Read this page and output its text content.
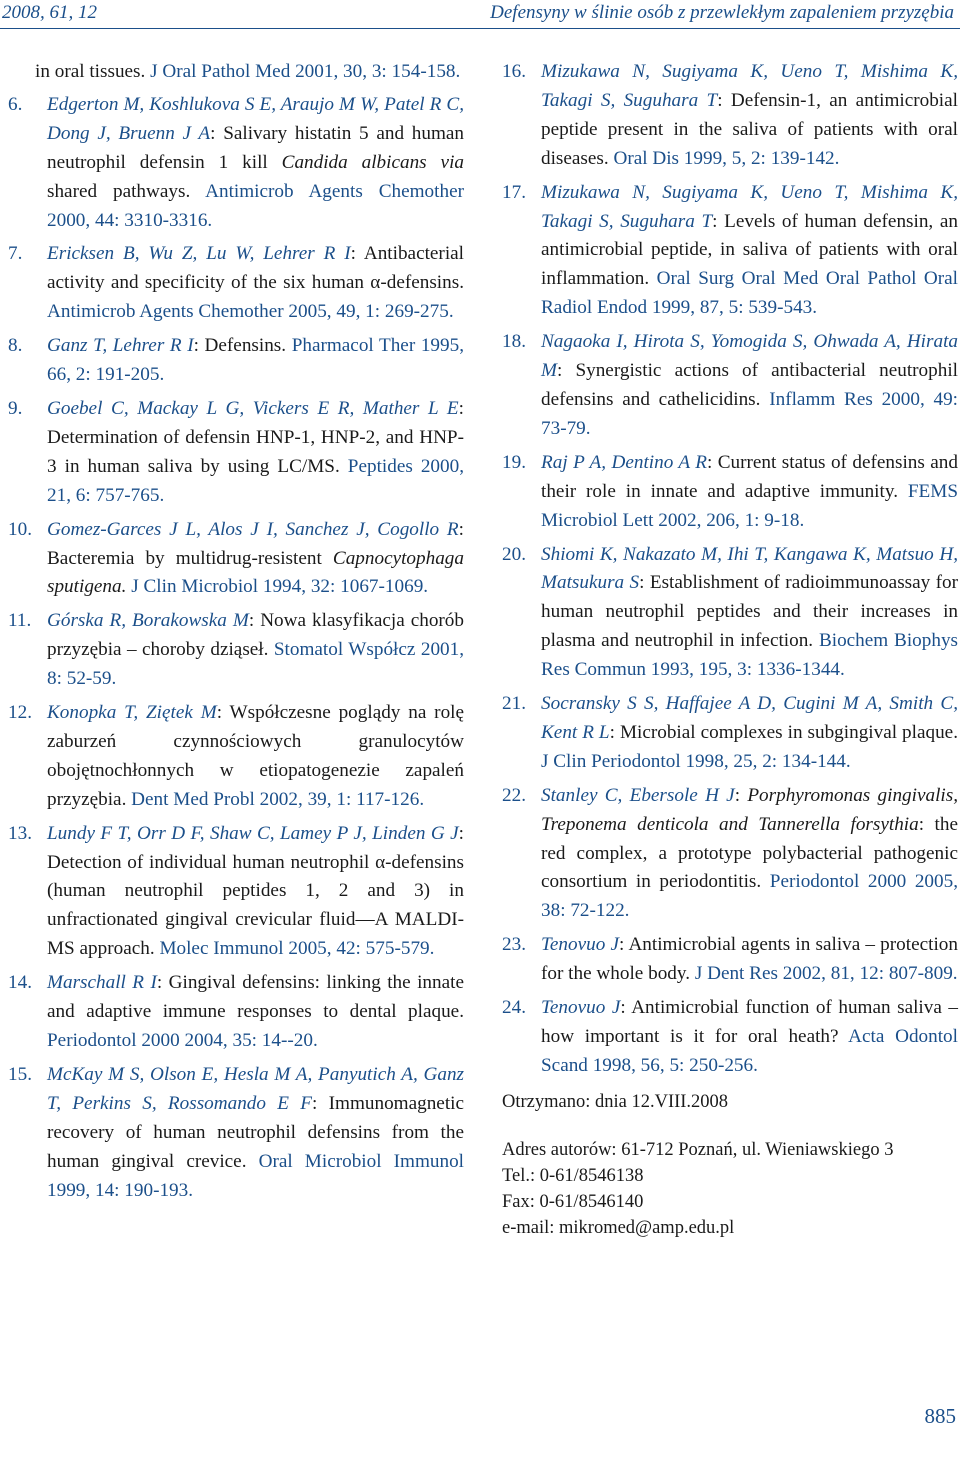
2008, 61, 12	Defensyny w ślinie osób z przewlekłym zapaleniem przyzębia

in oral tissues. J Oral Pathol Med 2001, 30, 3: 154-158.

6. Edgerton M, Koshlukova S E, Araujo M W, Patel R C, Dong J, Bruenn J A: Salivary histatin 5 and human neutrophil defensin 1 kill Candida albicans via shared pathways. Antimicrob Agents Chemother 2000, 44: 3310-3316.

7. Ericksen B, Wu Z, Lu W, Lehrer R I: Antibacterial activity and specificity of the six human α-defensins. Antimicrob Agents Chemother 2005, 49, 1: 269-275.

8. Ganz T, Lehrer R I: Defensins. Pharmacol Ther 1995, 66, 2: 191-205.

9. Goebel C, Mackay L G, Vickers E R, Mather L E: Determination of defensin HNP-1, HNP-2, and HNP-3 in human saliva by using LC/MS. Peptides 2000, 21, 6: 757-765.

10. Gomez-Garces J L, Alos J I, Sanchez J, Cogollo R: Bacteremia by multidrug-resistent Capnocytophaga sputigena. J Clin Microbiol 1994, 32: 1067-1069.

11. Górska R, Borakowska M: Nowa klasyfikacja chorób przyzębia – choroby dziąseł. Stomatol Współcz 2001, 8: 52-59.

12. Konopka T, Ziętek M: Współczesne poglądy na rolę zaburzeń czynnościowych granulocytów obojętnochłonnych w etiopatogenezie zapaleń przyzębia. Dent Med Probl 2002, 39, 1: 117-126.

13. Lundy F T, Orr D F, Shaw C, Lamey P J, Linden G J: Detection of individual human neutrophil α-defensins (human neutrophil peptides 1, 2 and 3) in unfractionated gingival crevicular fluid—A MALDI-MS approach. Molec Immunol 2005, 42: 575-579.

14. Marschall R I: Gingival defensins: linking the innate and adaptive immune responses to dental plaque. Periodontol 2000 2004, 35: 14--20.

15. McKay M S, Olson E, Hesla M A, Panyutich A, Ganz T, Perkins S, Rossomando E F: Immunomagnetic recovery of human neutrophil defensins from the human gingival crevice. Oral Microbiol Immunol 1999, 14: 190-193.

16. Mizukawa N, Sugiyama K, Ueno T, Mishima K, Takagi S, Suguhara T: Defensin-1, an antimicrobial peptide present in the saliva of patients with oral diseases. Oral Dis 1999, 5, 2: 139-142.

17. Mizukawa N, Sugiyama K, Ueno T, Mishima K, Takagi S, Suguhara T: Levels of human defensin, an antimicrobial peptide, in saliva of patients with oral inflammation. Oral Surg Oral Med Oral Pathol Oral Radiol Endod 1999, 87, 5: 539-543.

18. Nagaoka I, Hirota S, Yomogida S, Ohwada A, Hirata M: Synergistic actions of antibacterial neutrophil defensins and cathelicidins. Inflamm Res 2000, 49: 73-79.

19. Raj P A, Dentino A R: Current status of defensins and their role in innate and adaptive immunity. FEMS Microbiol Lett 2002, 206, 1: 9-18.

20. Shiomi K, Nakazato M, Ihi T, Kangawa K, Matsuo H, Matsukura S: Establishment of radioimmunoassay for human neutrophil peptides and their increases in plasma and neutrophil in infection. Biochem Biophys Res Commun 1993, 195, 3: 1336-1344.

21. Socransky S S, Haffajee A D, Cugini M A, Smith C, Kent R L: Microbial complexes in subgingival plaque. J Clin Periodontol 1998, 25, 2: 134-144.

22. Stanley C, Ebersole H J: Porphyromonas gingivalis, Treponema denticola and Tannerella forsythia: the red complex, a prototype polybacterial pathogenic consortium in periodontitis. Periodontol 2000 2005, 38: 72-122.

23. Tenovuo J: Antimicrobial agents in saliva – protection for the whole body. J Dent Res 2002, 81, 12: 807-809.

24. Tenovuo J: Antimicrobial function of human saliva – how important is it for oral heath? Acta Odontol Scand 1998, 56, 5: 250-256.

Otrzymano: dnia 12.VIII.2008

Adres autorów: 61-712 Poznań, ul. Wieniawskiego 3

Tel.: 0-61/8546138

Fax: 0-61/8546140

e-mail: mikromed@amp.edu.pl

885
